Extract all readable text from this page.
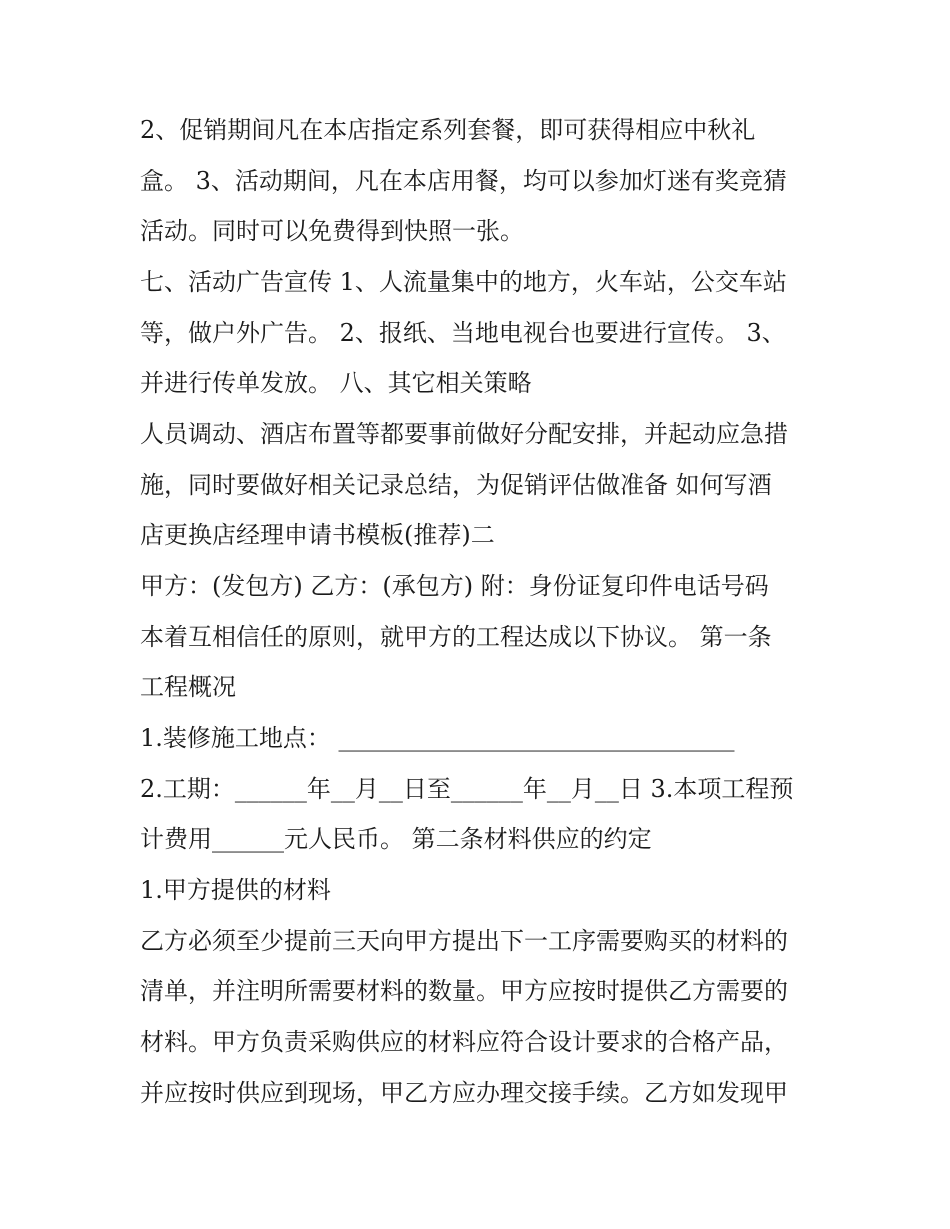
2、促销期间凡在本店指定系列套餐，即可获得相应中秋礼
盒。 3、活动期间，凡在本店用餐，均可以参加灯迷有奖竞猜
活动。同时可以免费得到快照一张。
七、活动广告宣传 1、人流量集中的地方，火车站，公交车站
等，做户外广告。 2、报纸、当地电视台也要进行宣传。 3、
并进行传单发放。 八、其它相关策略
人员调动、酒店布置等都要事前做好分配安排，并起动应急措
施，同时要做好相关记录总结，为促销评估做准备 如何写酒
店更换店经理申请书模板(推荐)二
甲方：(发包方) 乙方：(承包方) 附：身份证复印件电话号码
本着互相信任的原则，就甲方的工程达成以下协议。 第一条
工程概况
1.装修施工地点： _________________________________
2.工期：______年__月__日至______年__月__日 3.本项工程预
计费用______元人民币。 第二条材料供应的约定
1.甲方提供的材料
乙方必须至少提前三天向甲方提出下一工序需要购买的材料的
清单，并注明所需要材料的数量。甲方应按时提供乙方需要的
材料。甲方负责采购供应的材料应符合设计要求的合格产品，
并应按时供应到现场，甲乙方应办理交接手续。乙方如发现甲
